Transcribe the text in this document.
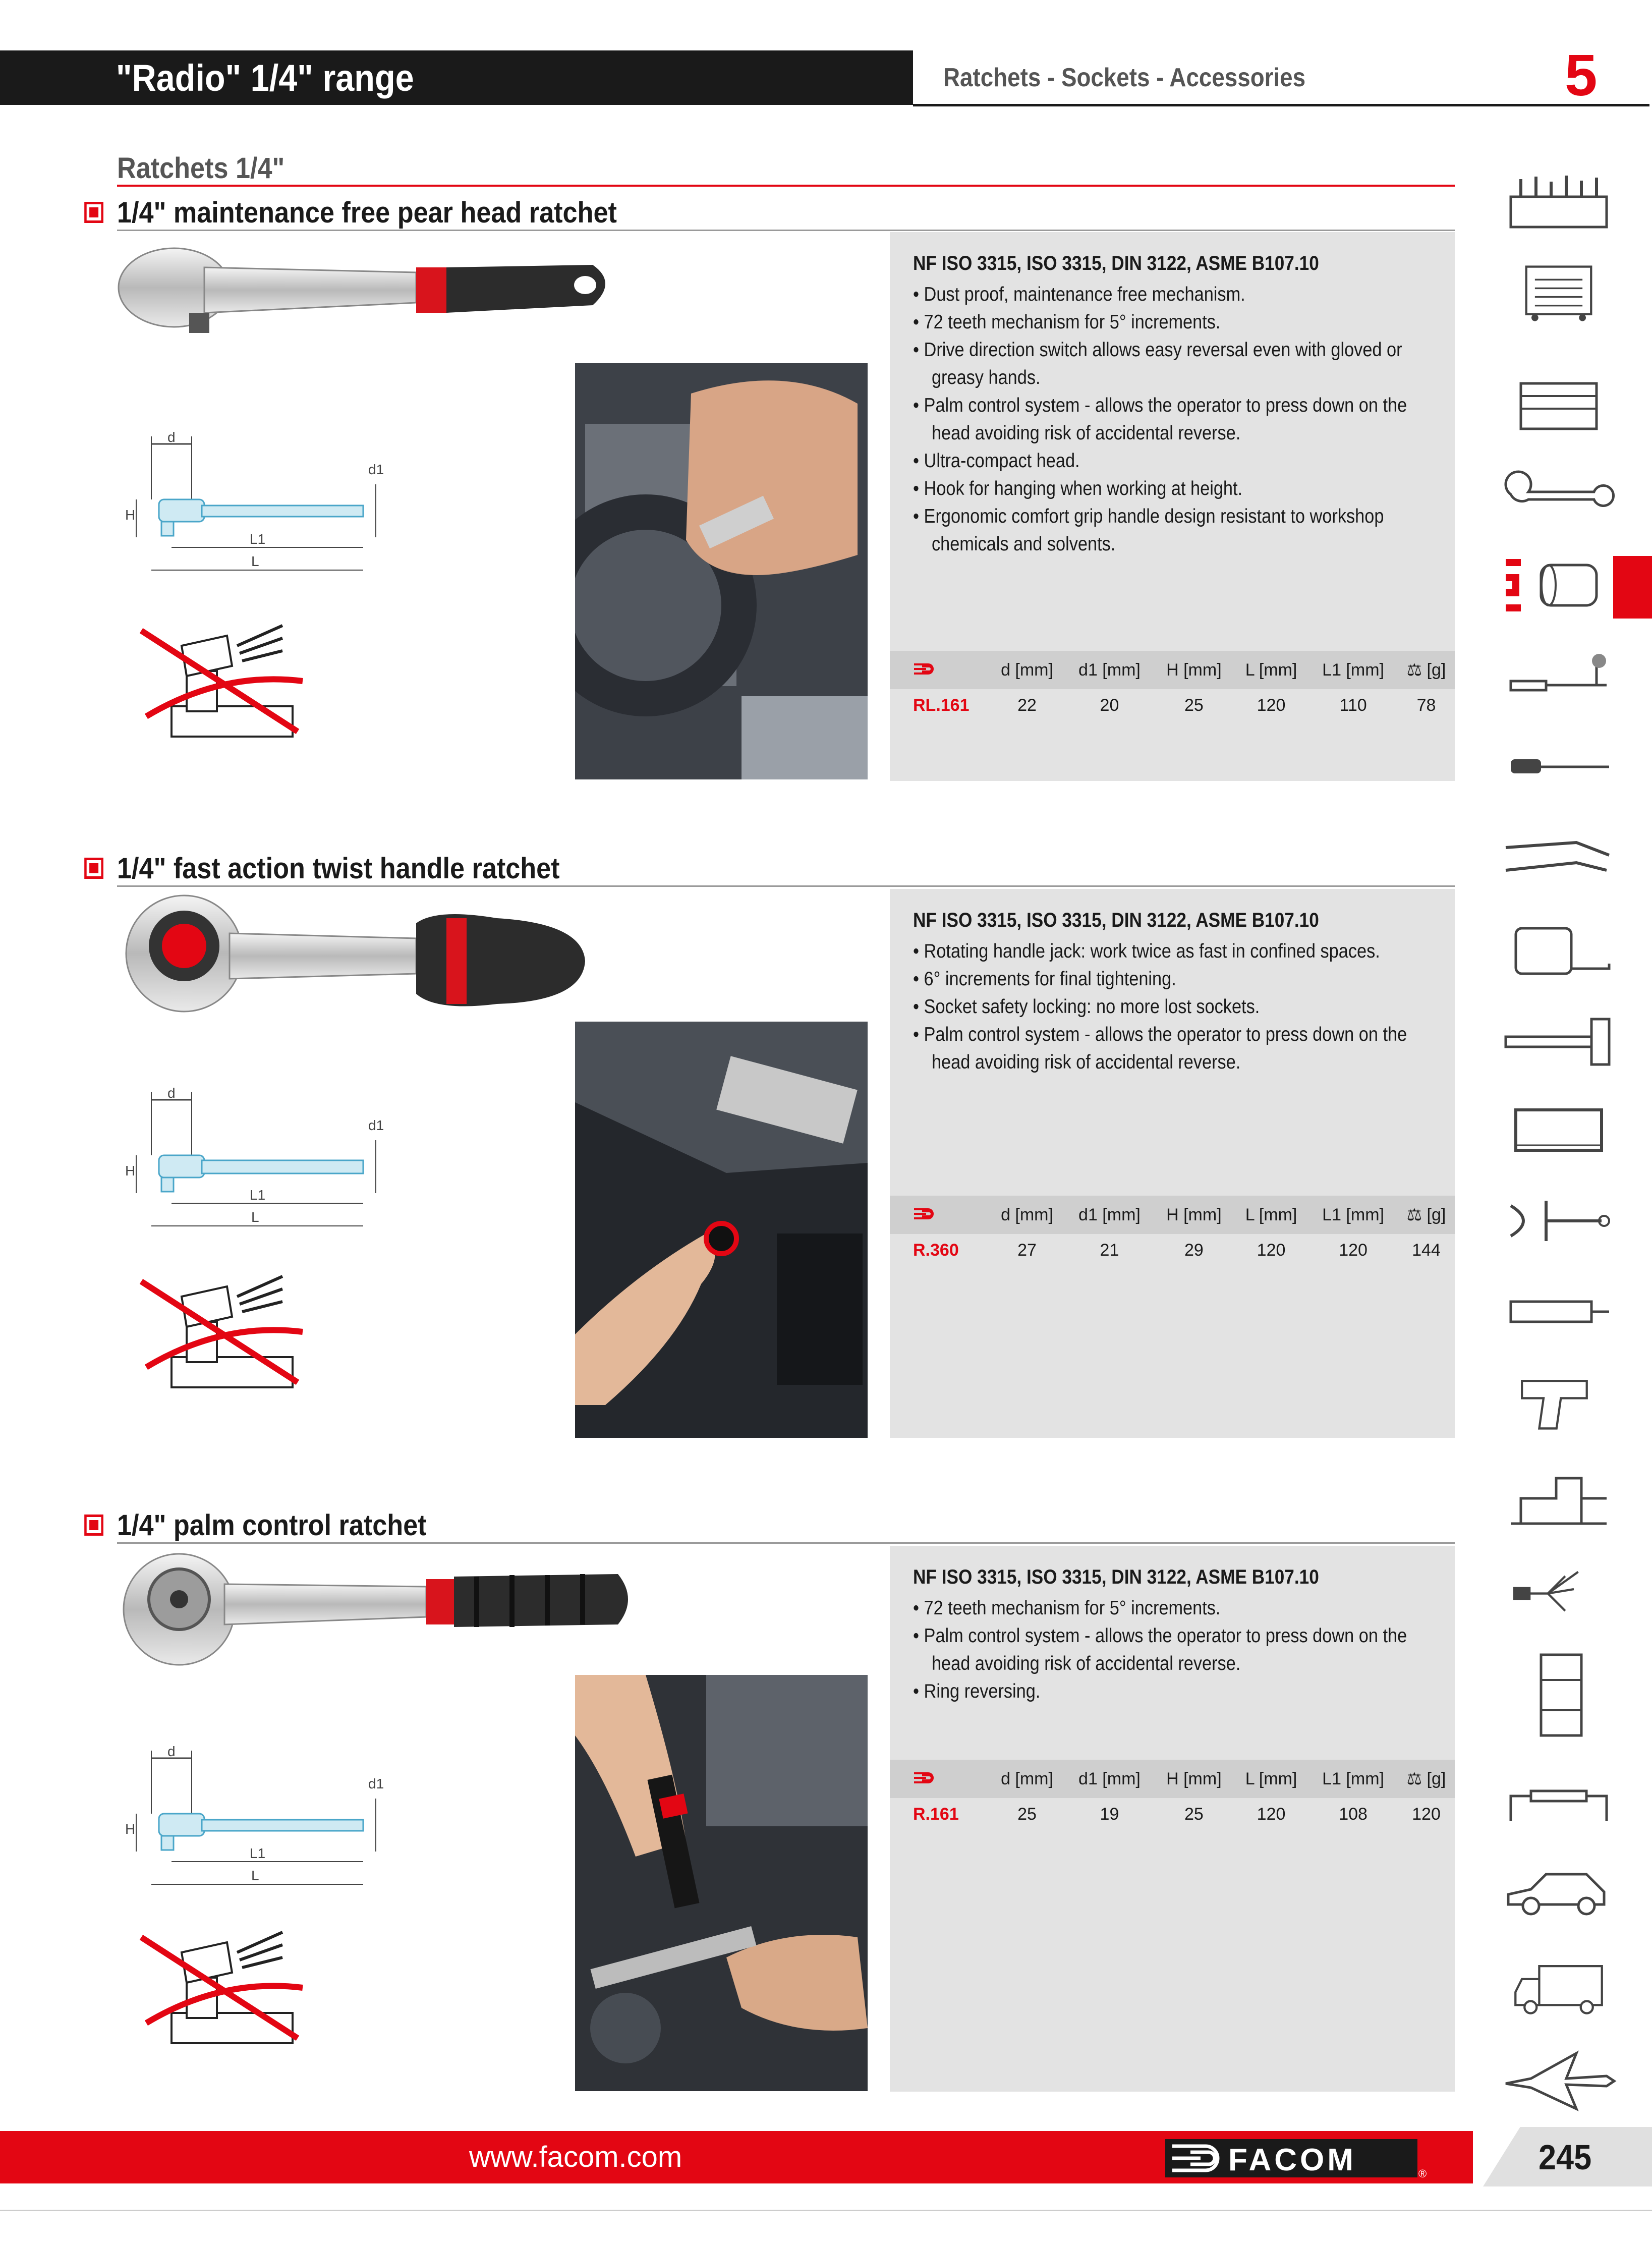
"Radio" 1/4" range	Ratchets - Sockets - Accessories	5
Ratchets 1/4"
1/4" maintenance free pear head ratchet
d
d1
H
L1
L
NF ISO 3315, ISO 3315, DIN 3122, ASME B107.10
• Dust proof, maintenance free mechanism.
• 72 teeth mechanism for 5° increments.
• Drive direction switch allows easy reversal even with gloved or greasy hands.
• Palm control system - allows the operator to press down on the head avoiding risk of accidental reverse.
• Ultra-compact head.
• Hook for hanging when working at height.
• Ergonomic comfort grip handle design resistant to workshop chemicals and solvents.
	d [mm]	d1 [mm]	H [mm]	L [mm]	L1 [mm]	⚖ [g]
RL.161	22	20	25	120	110	78
1/4" fast action twist handle ratchet
d
d1
H
L1
L
NF ISO 3315, ISO 3315, DIN 3122, ASME B107.10
• Rotating handle jack: work twice as fast in confined spaces.
• 6° increments for final tightening.
• Socket safety locking: no more lost sockets.
• Palm control system - allows the operator to press down on the head avoiding risk of accidental reverse.
	d [mm]	d1 [mm]	H [mm]	L [mm]	L1 [mm]	⚖ [g]
R.360	27	21	29	120	120	144
1/4" palm control ratchet
d
d1
H
L1
L
NF ISO 3315, ISO 3315, DIN 3122, ASME B107.10
• 72 teeth mechanism for 5° increments.
• Palm control system - allows the operator to press down on the head avoiding risk of accidental reverse.
• Ring reversing.
	d [mm]	d1 [mm]	H [mm]	L [mm]	L1 [mm]	⚖ [g]
R.161	25	19	25	120	108	120
www.facom.com	FACOM	®	245
